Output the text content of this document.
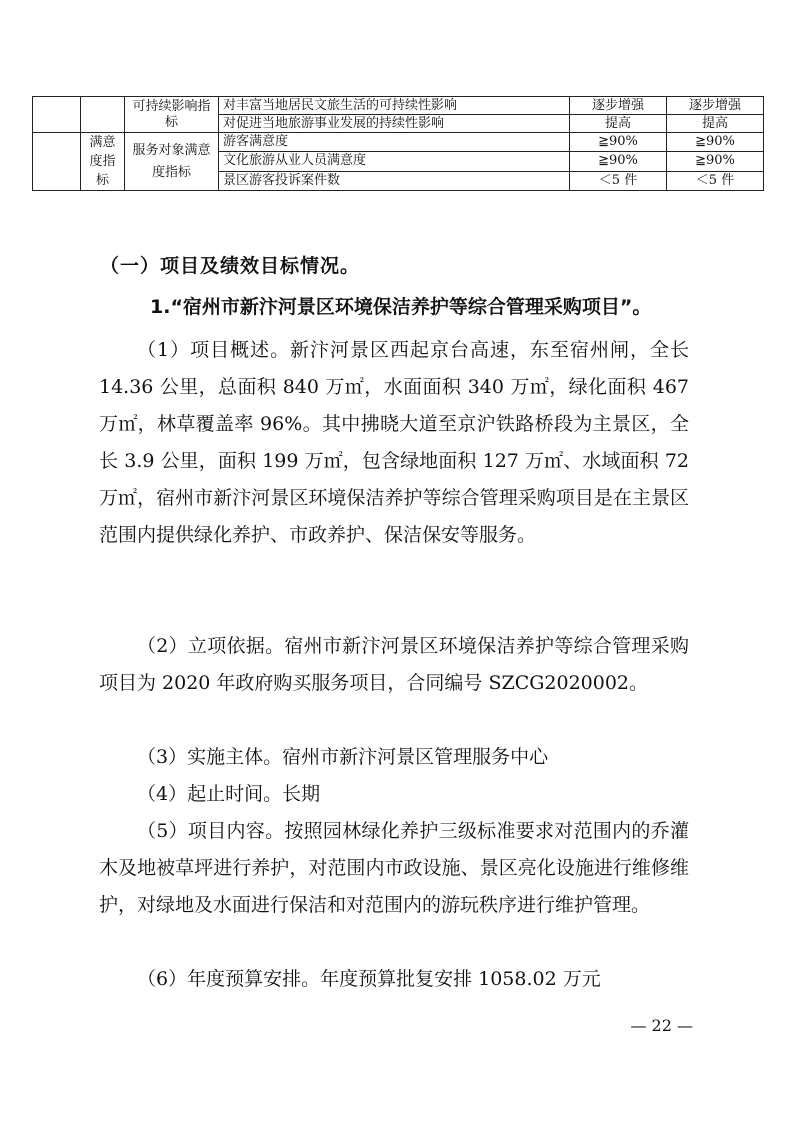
		可持续影响指标	对丰富当地居民文旅生活的可持续性影响	逐步增强	逐步增强
			对促进当地旅游事业发展的持续性影响	提高	提高
	满意度指标	服务对象满意度指标	游客满意度	≧90%	≧90%
			文化旅游从业人员满意度	≧90%	≧90%
			景区游客投诉案件数	＜5 件	＜5 件
（一）项目及绩效目标情况。
1.“宿州市新汴河景区环境保洁养护等综合管理采购项目”。

（1）项目概述。新汴河景区西起京台高速，东至宿州闸，全长 14.36 公里，总面积 840 万㎡，水面面积 340 万㎡，绿化面积 467 万㎡，林草覆盖率 96%。其中拂晓大道至京沪铁路桥段为主景区，全长 3.9 公里，面积 199 万㎡，包含绿地面积 127 万㎡、水域面积 72 万㎡，宿州市新汴河景区环境保洁养护等综合管理采购项目是在主景区范围内提供绿化养护、市政养护、保洁保安等服务。

（2）立项依据。宿州市新汴河景区环境保洁养护等综合管理采购项目为 2020 年政府购买服务项目，合同编号 SZCG2020002。

（3）实施主体。宿州市新汴河景区管理服务中心

（4）起止时间。长期

（5）项目内容。按照园林绿化养护三级标准要求对范围内的乔灌木及地被草坪进行养护，对范围内市政设施、景区亮化设施进行维修维护，对绿地及水面进行保洁和对范围内的游玩秩序进行维护管理。

（6）年度预算安排。年度预算批复安排 1058.02 万元

— 22 —
